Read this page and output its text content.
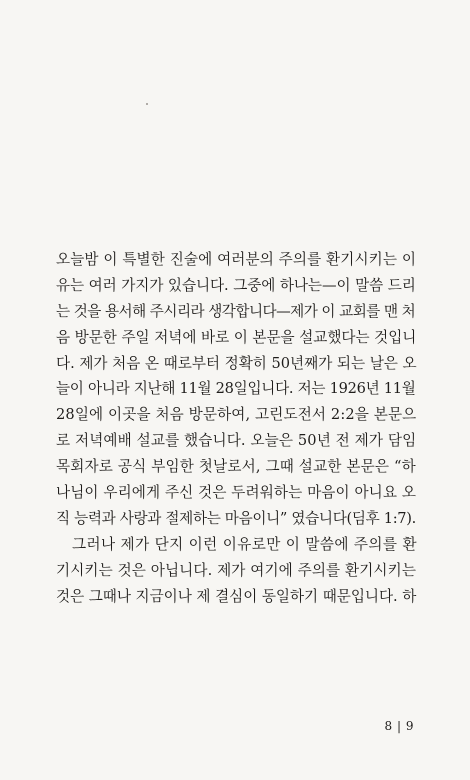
오늘밤 이 특별한 진술에 여러분의 주의를 환기시키는 이
유는 여러 가지가 있습니다. 그중에 하나는—이 말씀 드리
는 것을 용서해 주시리라 생각합니다—제가 이 교회를 맨 처
음 방문한 주일 저녁에 바로 이 본문을 설교했다는 것입니
다. 제가 처음 온 때로부터 정확히 50년째가 되는 날은 오
늘이 아니라 지난해 11월 28일입니다. 저는 1926년 11월
28일에 이곳을 처음 방문하여, 고린도전서 2:2을 본문으
로 저녁예배 설교를 했습니다. 오늘은 50년 전 제가 담임
목회자로 공식 부임한 첫날로서, 그때 설교한 본문은 “하
나님이 우리에게 주신 것은 두려워하는 마음이 아니요 오
직 능력과 사랑과 절제하는 마음이니” 였습니다(딤후 1:7).
그러나 제가 단지 이런 이유로만 이 말씀에 주의를 환
기시키는 것은 아닙니다. 제가 여기에 주의를 환기시키는
것은 그때나 지금이나 제 결심이 동일하기 때문입니다. 하
8 | 9
